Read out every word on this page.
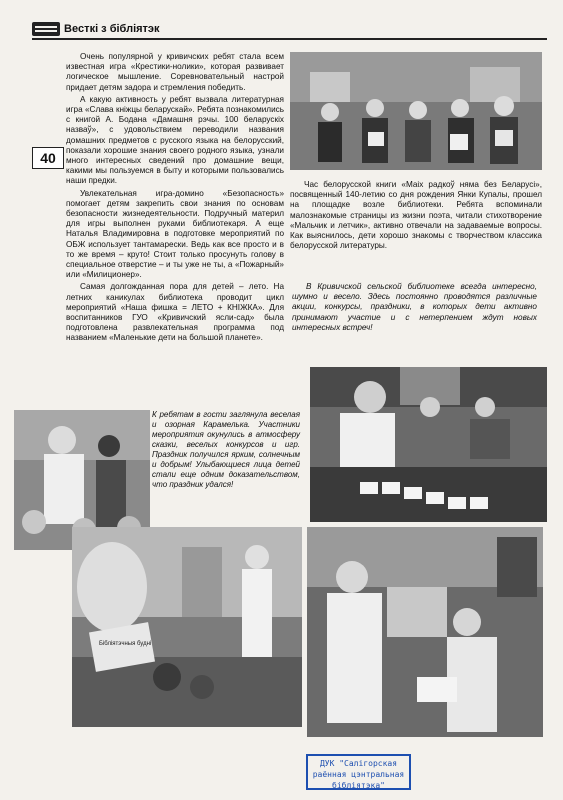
Вeсткі з бібліятэк
40

Очень популярной у кривичских ребят стала всем известная игра «Крестики-нолики», которая развивает логическое мышление. Соревновательный настрой придает детям задора и стремления победить.

А какую активность у ребят вызвала литературная игра «Слава кніжцы беларускай». Ребята познакомились с книгой А. Бодана «Дамашня рэчы. 100 беларускіх назваў», с удовольствием переводили названия домашних предметов с русского языка на белорусский, показали хорошие знания своего родного языка, узнали много интересных сведений про домашние вещи, какими мы пользуемся в быту и которыми пользовались наши предки.

Увлекательная игра-домино «Безопасность» помогает детям закрепить свои знания по основам безопасности жизнедеятельности. Подручный материл для игры выполнен руками библиотекаря. А еще Наталья Владимировна в подготовке мероприятий по ОБЖ использует тантамарески. Ведь как все просто и в то же время – круто! Стоит только просунуть голову в специальное отверстие – и ты уже не ты, а «Пожарный» или «Милиционер».

Самая долгожданная пора для детей – лето. На летних каникулах библиотека проводит цикл мероприятий «Наша фишка = ЛЕТО + КНІЖКА». Для воспитанников ГУО «Кривичский ясли-сад» была подготовлена развлекательная программа под названием «Маленькие дети на большой планете».

Час белорусской книги «Маіх радкоў няма без Беларусі», посвященный 140-летию со дня рождения Янки Купалы, прошел на площадке возле библиотеки. Ребята вспоминали малознакомые страницы из жизни поэта, читали стихотворение «Мальчик и летчик», активно отвечали на задаваемые вопросы. Как выяснилось, дети хорошо знакомы с творчеством классика белорусской литературы.

В Кривичской сельской библиотеке всегда интересно, шумно и весело. Здесь постоянно проводятся различные акции, конкурсы, праздники, в которых дети активно принимают участие и с нетерпением ждут новых интересных встреч!

К ребятам в гости заглянула веселая и озорная Карамелька. Участники мероприятия окунулись в атмосферу сказки, веселых конкурсов и игр. Праздник получился ярким, солнечным и добрым! Улыбающиеся лица детей стали еще одним доказательством, что праздник удался!

Бібліятэчныя будні
ДУК "Салігорская раённая цэнтральная бібліятэка"
